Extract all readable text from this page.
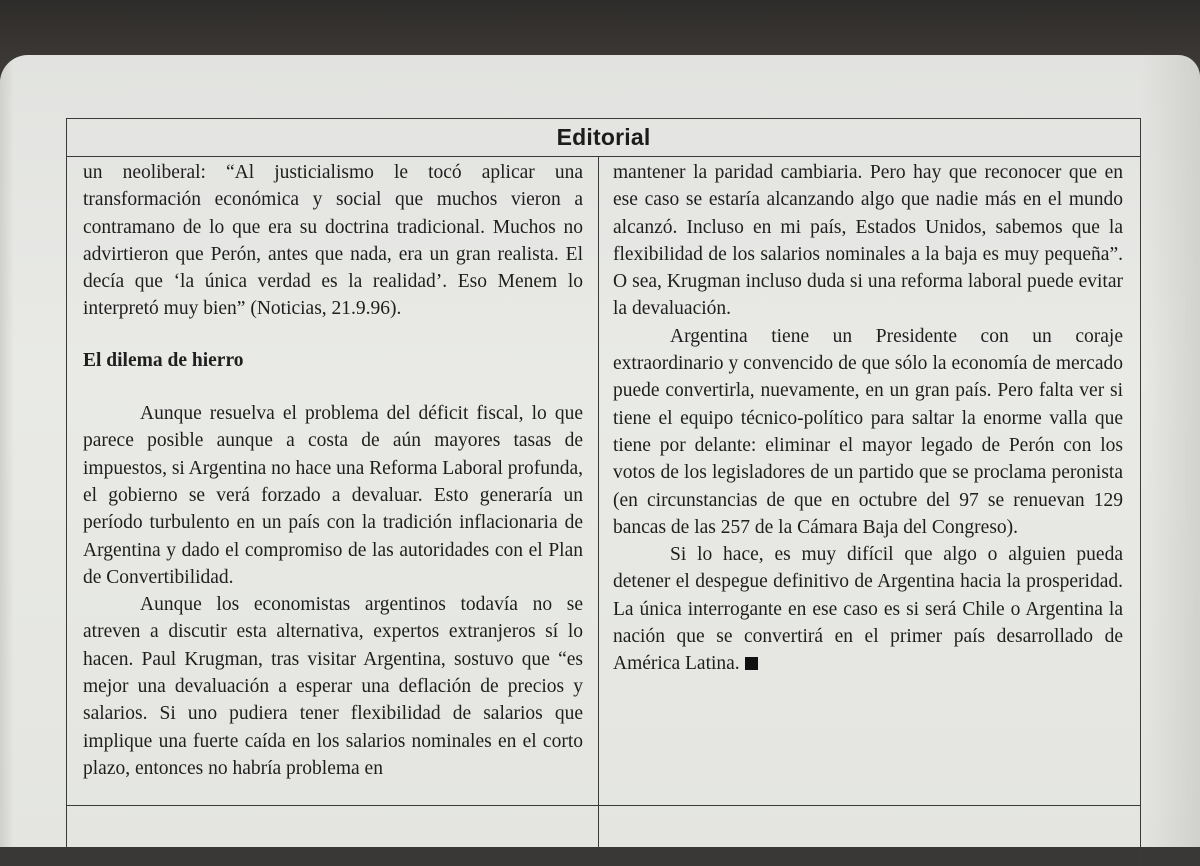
Editorial

un neoliberal: “Al justicialismo le tocó aplicar una transformación económica y social que muchos vieron a contramano de lo que era su doctrina tradicional. Muchos no advirtieron que Perón, antes que nada, era un gran realista. El decía que ‘la única verdad es la realidad’. Eso Menem lo interpretó muy bien” (Noticias, 21.9.96).

El dilema de hierro

Aunque resuelva el problema del déficit fiscal, lo que parece posible aunque a costa de aún mayores tasas de impuestos, si Argentina no hace una Reforma Laboral profunda, el gobierno se verá forzado a devaluar. Esto generaría un período turbulento en un país con la tradición inflacionaria de Argentina y dado el compromiso de las autoridades con el Plan de Convertibilidad.

Aunque los economistas argentinos todavía no se atreven a discutir esta alternativa, expertos extranjeros sí lo hacen. Paul Krugman, tras visitar Argentina, sostuvo que “es mejor una devaluación a esperar una deflación de precios y salarios. Si uno pudiera tener flexibilidad de salarios que implique una fuerte caída en los salarios nominales en el corto plazo, entonces no habría problema en

mantener la paridad cambiaria. Pero hay que reconocer que en ese caso se estaría alcanzando algo que nadie más en el mundo alcanzó. Incluso en mi país, Estados Unidos, sabemos que la flexibilidad de los salarios nominales a la baja es muy pequeña”. O sea, Krugman incluso duda si una reforma laboral puede evitar la devaluación.

Argentina tiene un Presidente con un coraje extraordinario y convencido de que sólo la economía de mercado puede convertirla, nuevamente, en un gran país. Pero falta ver si tiene el equipo técnico-político para saltar la enorme valla que tiene por delante: eliminar el mayor legado de Perón con los votos de los legisladores de un partido que se proclama peronista (en circunstancias de que en octubre del 97 se renuevan 129 bancas de las 257 de la Cámara Baja del Congreso).

Si lo hace, es muy difícil que algo o alguien pueda detener el despegue definitivo de Argentina hacia la prosperidad. La única interrogante en ese caso es si será Chile o Argentina la nación que se convertirá en el primer país desarrollado de América Latina.
